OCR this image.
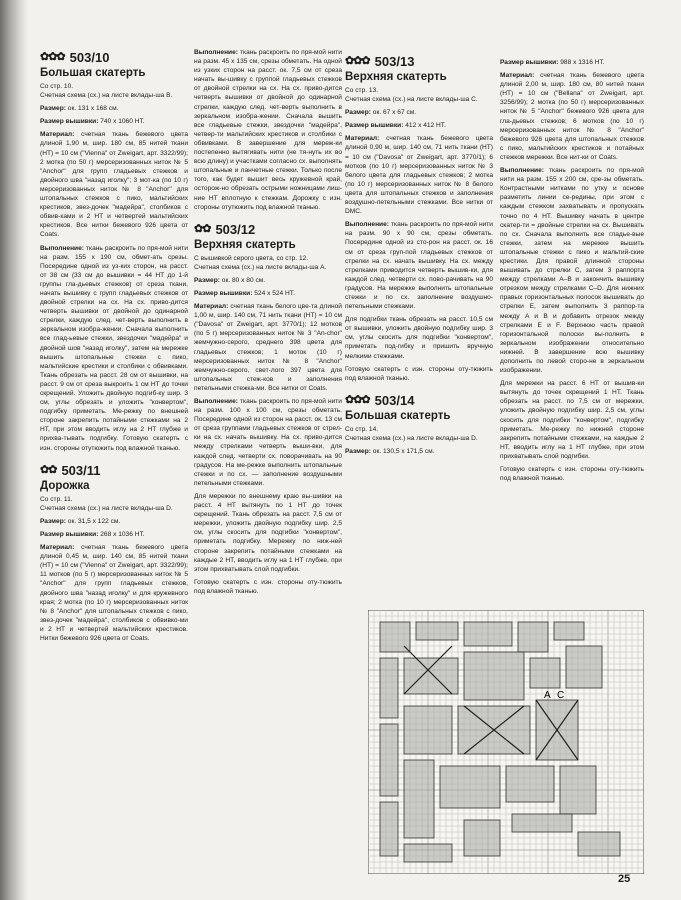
✿✿✿ 503/10
Большая скатерть

Со стр. 10.

Счетная схема (сх.) на листе вклады-ша B.

Размер: ок. 131 х 168 см.

Размер вышивки: 740 х 1060 НТ.

Материал: счетная ткань бежевого цвета длиной 1,90 м, шир. 180 см, 85 нитей ткани (НТ) = 10 см ("Vienna" от Zweigart, арт. 3322/99); 2 мотка (по 50 г) мерсеризованных ниток № 5 "Anchor" для групп гладьевых стежков и двойного шва "назад иголку"; 3 мот-ка (по 10 г) мерсеризованных ниток № 8 "Anchor" для штопальных стежков с пико, мальтийских крестиков, звез-дочек "мадейра", столбиков с обвив-ками и 2 НТ и четвертей мальтийских крестиков. Все нитки бежевого 926 цвета от Coats.

Выполнение: ткань раскроить по пря-мой нити на разм. 155 х 190 см, обмет-ать срезы. Посередине одной из уз-ких сторон, на расст. от 38 см (33 см до вышивки = 44 НТ до 1-й группы гла-дьевых стежков) от среза ткани, начать вышивку с групп гладьевых стежков от двойной стрелки на сх. На сх. приво-дится четверть вышивки от двойной до одинарной стрелки, каждую след. чет-верть выполнить в зеркальном изобра-жении. Сначала выполнить все глад-ьевые стежки, звездочки "мадейра" и двойной шов "назад иголку", затем на мережке вышить штопальные стежки с пико, мальтийские крестики и столбики с обвивками. Ткань обрезать на расст. 28 см от вышивки, на расст. 9 см от среза выкроить 1 см НТ до точки скрещений. Уложить двойную подгиб-ку шир. 3 см, углы обрезать и уложить "конвертом", подгибку приметать. Ме-режку по внешней стороне закрепить потайными стежками на 2 НТ, при этом вводить иглу на 2 НТ глубже и прихва-тывать подгибку. Готовую скатерть с изн. стороны отутюжить под влажной тканью.

✿✿ 503/11
Дорожка

Со стр. 11.

Счетная схема (сх.) на листе вклады-ша D.

Размер: ок. 31,5 х 122 см.

Размер вышивки: 268 х 1036 НТ.

Материал: счетная ткань бежевого цвета длиной 0,45 м, шир. 140 см, 85 нитей ткани (НТ) = 10 см ("Vienna" от Zweigart, арт. 3322/99); 11 мотков (по 5 г) мерсеризованных ниток № 5 "Anchor" для групп гладьевых стежков, двойного шва "назад иголку" и для кружевного края; 2 мотка (по 10 г) мерсеризованных ниток № 8 "Anchor" для штопальных стежков с пико, звез-дочек "мадейра", столбиков с обвивко-ми и 2 НТ и четвертей мальтийских крестиков. Нитки бежевого 926 цвета от Coats.

Выполнение: ткань раскроить по пря-мой нити на разм. 45 х 135 см, срезы обметать. На одной из узких сторон на расст. ок. 7,5 см от среза начать вы-шивку с группой гладьевых стежков от двойной стрелки на сх. На сх. приво-дится четверть вышивки от двойной до одинарной стрелки, каждую след. чет-верть выполнить в зеркальном изобра-жении. Сначала вышить все гладьевые стежки, звездочки "мадейра", четвер-ти мальтийских крестиков и столбики с обвивками. В завершение для мереж-ки постепенно вытягивать нити (не тя-нуть их во всю длину) и участками согласно сх. выполнять штопальные и ланчетные стежки. Только после того, как будет вышит весь кружевной край, осторож-но обрезать острыми ножницами лиш-ние НТ вплотную к стежкам. Дорожку с изн. стороны отутюжить под влажной тканью.

✿✿ 503/12
Верхняя скатерть

С вышивкой серого цвета, со стр. 12.

Счетная схема (сх.) на листе вклады-ша A.

Размер: ок. 80 х 80 см.

Размер вышивки: 524 х 524 НТ.

Материал: счетная ткань белого цве-та длиной 1,00 м, шир. 140 см, 71 нить ткани (НТ) = 10 см ("Davosa" от Zweigart, арт. 3770/1); 12 мотков (по 5 г) мерсеризованных ниток № 3 "An-chor" жемчужно-серого, среднего 398 цвета для гладьевых стежков; 1 моток (10 г) мерсеризованных ниток № 8 "Anchor" жемчужно-серого, свет-лого 397 цвета для штопальных стеж-ков и заполнения петельными стежка-ми. Все нитки от Coats.

Выполнение: ткань раскроить по пря-мой нити на разм. 100 х 100 см, срезы обметать. Посередине одной из сторон на расст. ок. 13 см от среза группами гладьевых стежков от стрел-ки на сх. начать вышивку. На сх. приво-дится между стрелками четверть выши-вки, для каждой след. четверти сх. поворачивать на 90 градусов. На ме-режке выполнить штопальные стежки и по сх. — заполнение воздушными петельными стежками.

Для мережки по внешнему краю вы-шивки на расст. 4 НТ вытянуть по 1 НТ до точек скрещений. Ткань обрезать на расст. 7,5 см от мережки, уложить двойную подгибку шир. 2,5 см, углы скосить для подгибки "конвертом", приметать подгибку. Мережку по ниж-ней стороне закрепить потайными стежками на каждые 2 НТ, вводить иглу на 1 НТ глубже, при этом прихватывать слой подгибки.

Готовую скатерть с изн. стороны оту-тюжить под влажной тканью.

✿✿✿ 503/13
Верхняя скатерть

Со стр. 13.

Счетная схема (сх.) на листе вклады-ша C.

Размер: ок. 67 х 67 см.

Размер вышивки: 412 х 412 НТ.

Материал: счетная ткань бежевого цвета длиной 0,90 м, шир. 140 см, 71 нить ткани (НТ) = 10 см ("Davosa" от Zweigart, арт. 3770/1); 6 мотков (по 10 г) мерсеризованных ниток № 3 белого цвета для гладьевых стежков; 2 мотка (по 10 г) мерсеризованных ниток № 8 белого цвета для штопальных стежков и заполнения воздушно-петельными стежками. Все нитки от DMC.

Выполнение: ткань раскроить по пря-мой нити на разм. 90 х 90 см, срезы обметать. Посередине одной из сто-рон на расст. ок. 16 см от среза груп-пой гладьевых стежков от стрелки на сх. начать вышивку. На сх. между стрелками приводится четверть вышив-ки, для каждой след. четверти сх. пово-рачивать на 90 градусов. На мережке выполнить штопальные стежки и по сх. заполнение воздушно-петельными стежками.

Для подгибки ткань обрезать на расст. 10,5 см от вышивки, уложить двойную подгибку шир. 3 см, углы скосить для подгибки "конвертом", приметать под-гибку и пришить вручную мелкими стежками.

Готовую скатерть с изн. стороны оту-тюжить под влажной тканью.

✿✿✿ 503/14
Большая скатерть

Со стр. 14.

Счетная схема (сх.) на листе вклады-ша D.

Размер: ок. 130,5 х 171,5 см.

Размер вышивки: 988 х 1316 НТ.

Материал: счетная ткань бежевого цвета длиной 2,00 м, шир. 180 см, 80 нитей ткани (НТ) = 10 см ("Bellana" от Zweigart, арт. 3256/99); 2 мотка (по 50 г) мерсеризованных ниток № 5 "Anchor" бежевого 926 цвета для гла-дьевых стежков; 6 мотков (по 10 г) мерсеризованных ниток № 8 "Anchor" бежевого 926 цвета для штопальных стежков с пико, мальтийских крестиков и потайных стежков мережки. Все нит-ки от Coats.

Выполнение: ткань раскроить по пря-мой нити на разм. 155 х 200 см, сре-зы обметать. Контрастными нитками по утку и основе разметить линии се-редины, при этом с каждым стежком захватывать и пропускать точно по 4 НТ. Вышивку начать в центре скатер-ти = двойные стрелки на сх. Вышивать по сх. Сначала выполнить все гладье-вые стежки, затем на мережке вышить штопальные стежки с пико и мальтий-ские крестики. Для правой длинной стороны вышивать до стрелки C, затем 3 раппорта между стрелками A–B и закончить вышивку отрезком между стрелками C–D. Для нижних правых горизонтальных полосок вышивать до стрелки E, затем выполнить 3 раппор-та между A и B и добавить отрезок между стрелками E и F. Верхнюю часть правой горизонтальной полоски вы-полнить в зеркальном изображении относительно нижней. В завершение всю вышивку дополнить по левой сторо-не в зеркальном изображении.

Для мережки на расст. 6 НТ от вышив-ки вытянуть до точек скрещений 1 НТ. Ткань обрезать на расст. по 7,5 см от мережки, уложить двойную подгибку шир. 2,5 см, углы скосить для подгибки "конвертом", подгибку приметать. Ме-режку по нижней стороне закрепить потайными стежками, на каждые 2 НТ, вводить иглу на 1 НТ глубже, при этом прихватывать слой подгибки.

Готовую скатерть с изн. стороны оту-тюжить под влажной тканью.

A C
25
